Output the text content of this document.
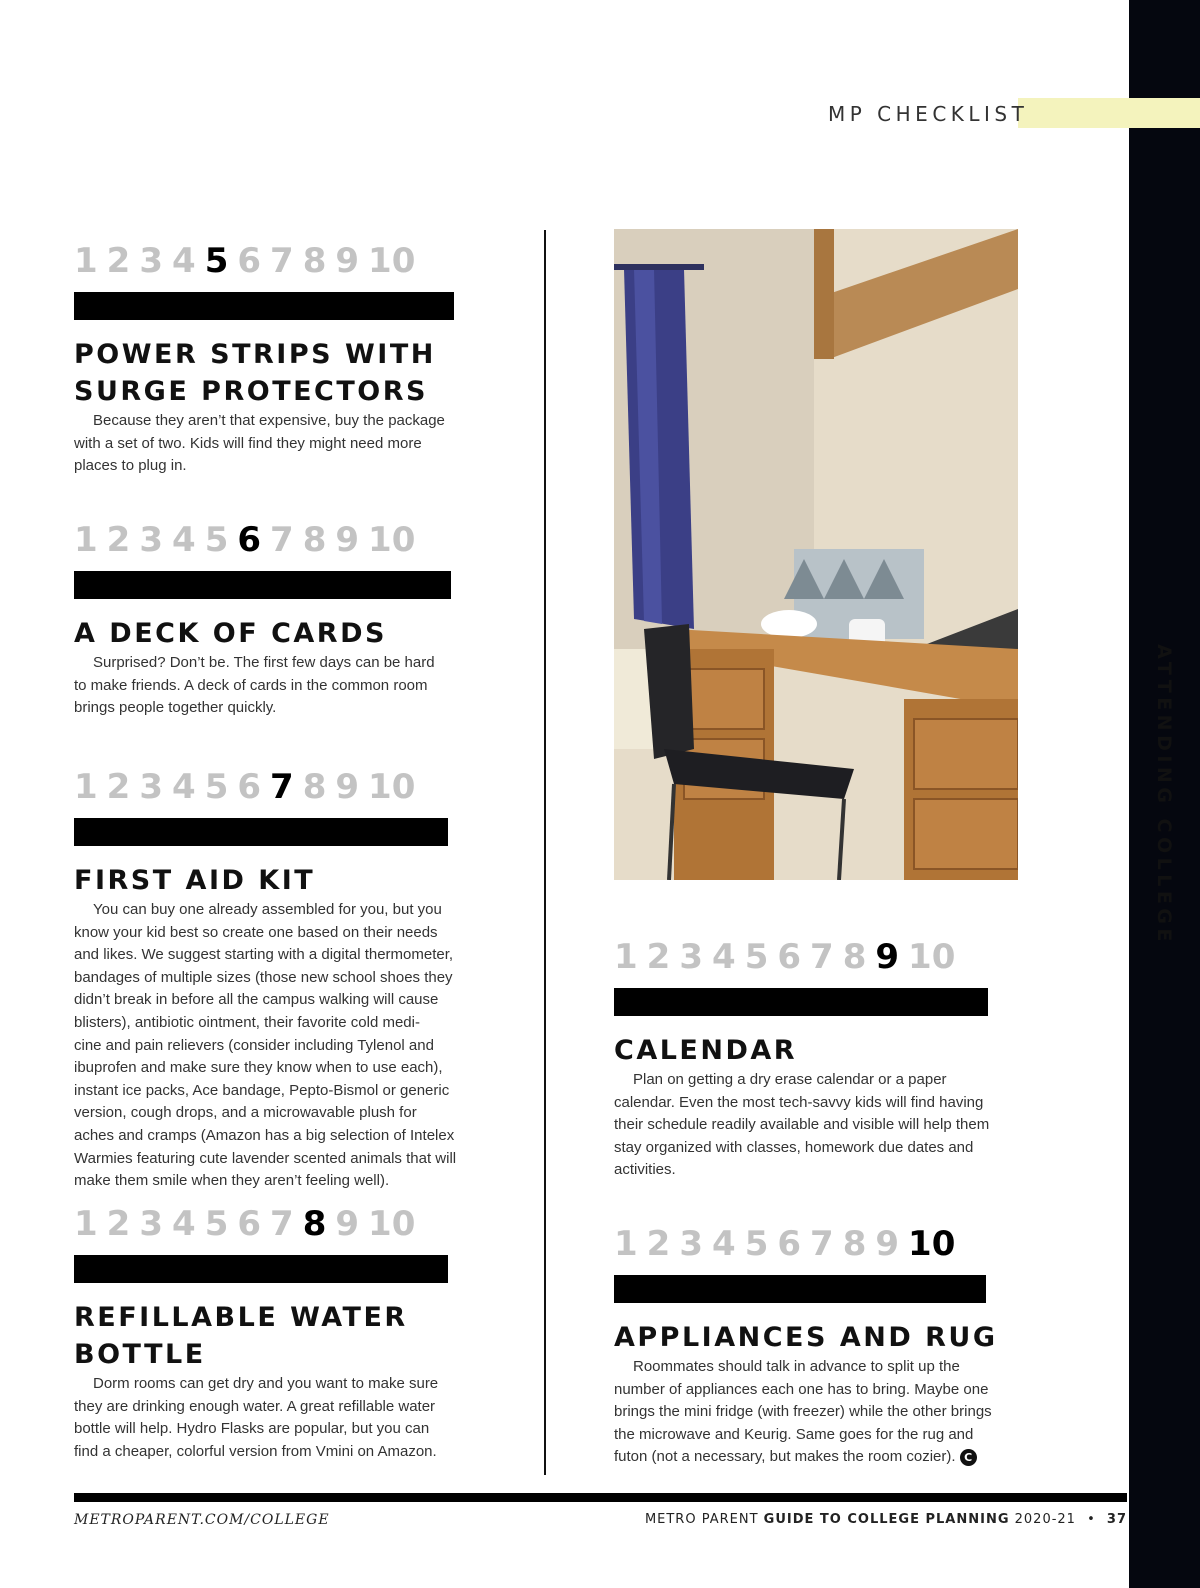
ATTENDING COLLEGE
MP CHECKLIST
1 2 3 4 5 6 7 8 9 10
POWER STRIPS WITH
SURGE PROTECTORS
Because they aren’t that expensive, buy the package
with a set of two. Kids will find they might need more
places to plug in.
1 2 3 4 5 6 7 8 9 10
A DECK OF CARDS
Surprised? Don’t be. The first few days can be hard
to make friends. A deck of cards in the common room
brings people together quickly.
1 2 3 4 5 6 7 8 9 10
FIRST AID KIT
You can buy one already assembled for you, but you
know your kid best so create one based on their needs
and likes. We suggest starting with a digital thermometer,
bandages of multiple sizes (those new school shoes they
didn’t break in before all the campus walking will cause
blisters), antibiotic ointment, their favorite cold medi-
cine and pain relievers (consider including Tylenol and
ibuprofen and make sure they know when to use each),
instant ice packs, Ace bandage, Pepto-Bismol or generic
version, cough drops, and a microwavable plush for
aches and cramps (Amazon has a big selection of Intelex
Warmies featuring cute lavender scented animals that will
make them smile when they aren’t feeling well).
1 2 3 4 5 6 7 8 9 10
REFILLABLE WATER
BOTTLE
Dorm rooms can get dry and you want to make sure
they are drinking enough water. A great refillable water
bottle will help. Hydro Flasks are popular, but you can
find a cheaper, colorful version from Vmini on Amazon.
1 2 3 4 5 6 7 8 9 10
CALENDAR
Plan on getting a dry erase calendar or a paper
calendar. Even the most tech-savvy kids will find having
their schedule readily available and visible will help them
stay organized with classes, homework due dates and
activities.
1 2 3 4 5 6 7 8 9 10
APPLIANCES AND RUG
Roommates should talk in advance to split up the
number of appliances each one has to bring. Maybe one
brings the mini fridge (with freezer) while the other brings
the microwave and Keurig. Same goes for the rug and
futon (not a necessary, but makes the room cozier). C
METROPARENT.COM/COLLEGE	METRO PARENT GUIDE TO COLLEGE PLANNING 2020-21 • 37
